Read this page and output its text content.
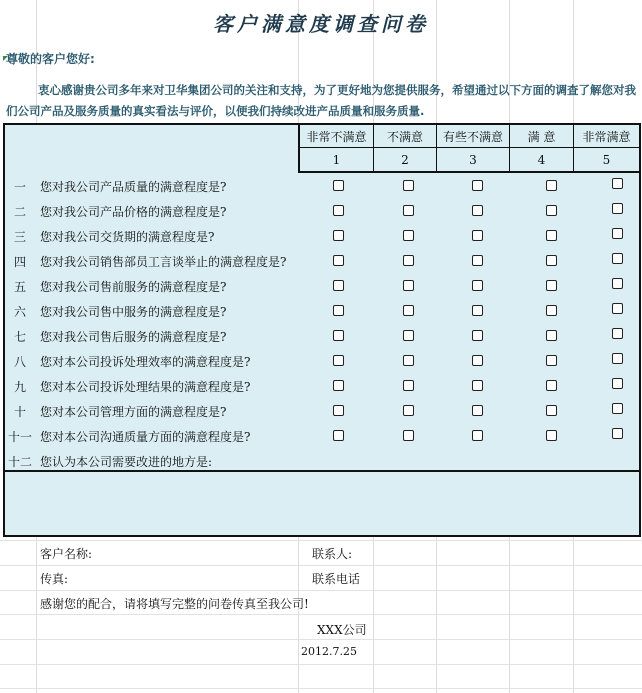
客户满意度调查问卷
尊敬的客户您好:
衷心感谢贵公司多年来对卫华集团公司的关注和支持，为了更好地为您提供服务，希望通过以下方面的调查了解您对我们公司产品及服务质量的真实看法与评价，以便我们持续改进产品质量和服务质量.
非常不满意	不满意	有些不满意	满 意	非常满意
1	2	3	4	5
一	您对我公司产品质量的满意程度是?
二	您对我公司产品价格的满意程度是?
三	您对我公司交货期的满意程度是?
四	您对我公司销售部员工言谈举止的满意程度是?
五	您对我公司售前服务的满意程度是?
六	您对我公司售中服务的满意程度是?
七	您对我公司售后服务的满意程度是?
八	您对本公司投诉处理效率的满意程度是?
九	您对本公司投诉处理结果的满意程度是?
十	您对本公司管理方面的满意程度是?
十一 您对本公司沟通质量方面的满意程度是?
十二 您认为本公司需要改进的地方是:
客户名称:	联系人:
传真:	联系电话
感谢您的配合，请将填写完整的问卷传真至我公司!
XXX公司
2012.7.25
